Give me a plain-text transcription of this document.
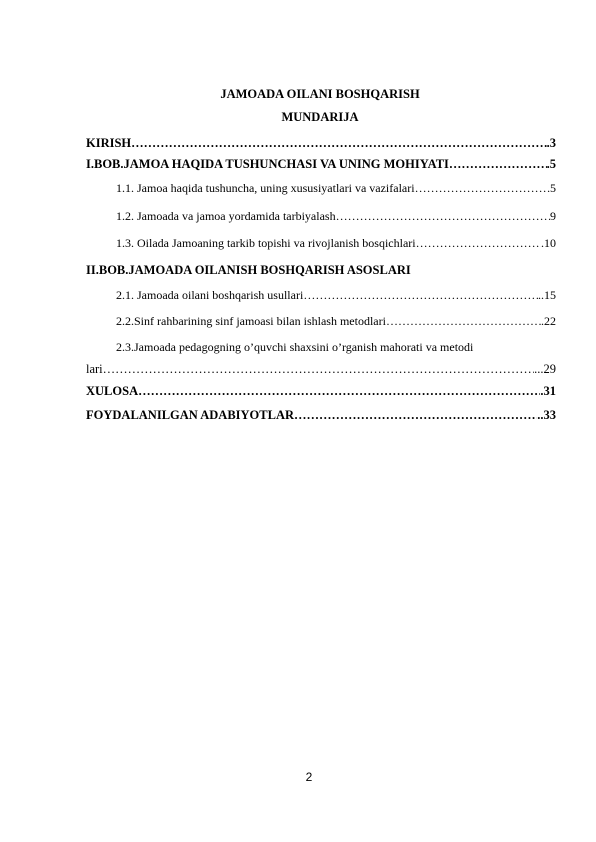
JAMOADA OILANI BOSHQARISH
MUNDARIJA
KIRISH ……………………………………………………………………………………………………………………………………………………………………	.3
I.BOB.JAMOA HAQIDA TUSHUNCHASI VA UNING MOHIYATI ……………………………………………………………………………………………………………………………………………………………………	.5
1.1. Jamoa haqida tushuncha, uning xususiyatlari va vazifalari ……………………………………………………………………………………………………………………………………………………………………	5
1.2. Jamoada va jamoa yordamida tarbiyalash ……………………………………………………………………………………………………………………………………………………………………	9
1.3. Oilada Jamoaning tarkib topishi va rivojlanish bosqichlari ……………………………………………………………………………………………………………………………………………………………………	.10
II.BOB.JAMOADA OILANISH BOSHQARISH ASOSLARI
2.1. Jamoada oilani boshqarish usullari ……………………………………………………………………………………………………………………………………………………………………	..15
2.2.Sinf rahbarining sinf jamoasi bilan ishlash metodlari ……………………………………………………………………………………………………………………………………………………………………	.22
2.3.Jamoada pedagogning o’quvchi shaxsini o’rganish mahorati va metodi
lari ……………………………………………………………………………………………………………………………………………………………………	...29
XULOSA ……………………………………………………………………………………………………………………………………………………………………	.31
FOYDALANILGAN ADABIYOTLAR ……………………………………………………………………………………………………………………………………………………………………	..33
2
